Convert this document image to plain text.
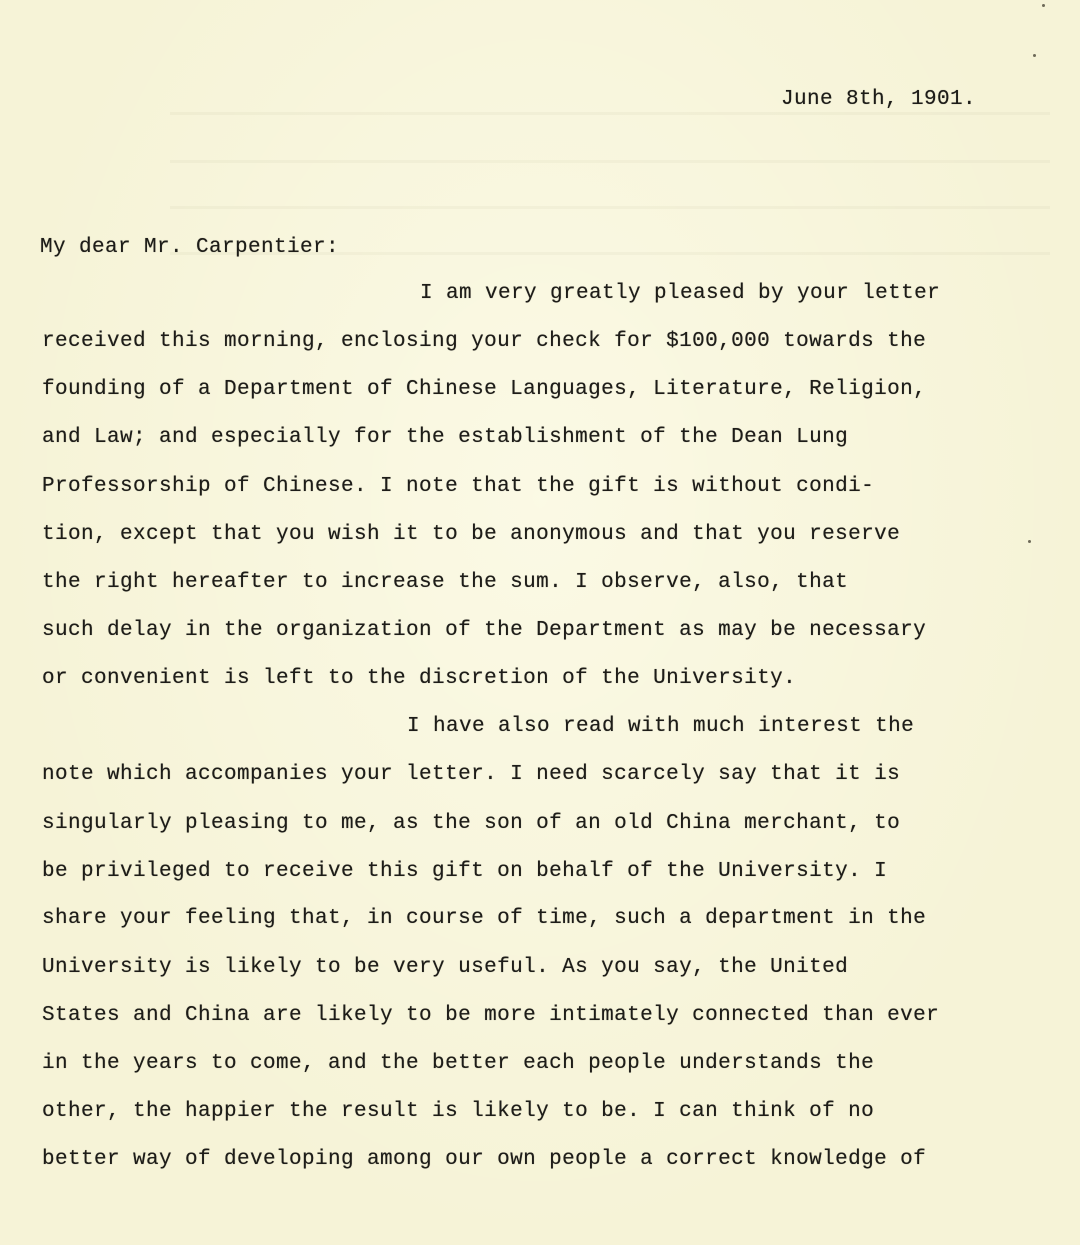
June 8th, 1901.
My dear Mr. Carpentier:
I am very greatly pleased by your letter
received this morning, enclosing your check for $100,000 towards the
founding of a Department of Chinese Languages, Literature, Religion,
and Law; and especially for the establishment of the Dean Lung
Professorship of Chinese. I note that the gift is without condi-
tion, except that you wish it to be anonymous and that you reserve
the right hereafter to increase the sum. I observe, also, that
such delay in the organization of the Department as may be necessary
or convenient is left to the discretion of the University.
I have also read with much interest the
note which accompanies your letter. I need scarcely say that it is
singularly pleasing to me, as the son of an old China merchant, to
be privileged to receive this gift on behalf of the University. I
share your feeling that, in course of time, such a department in the
University is likely to be very useful. As you say, the United
States and China are likely to be more intimately connected than ever
in the years to come, and the better each people understands the
other, the happier the result is likely to be. I can think of no
better way of developing among our own people a correct knowledge of
